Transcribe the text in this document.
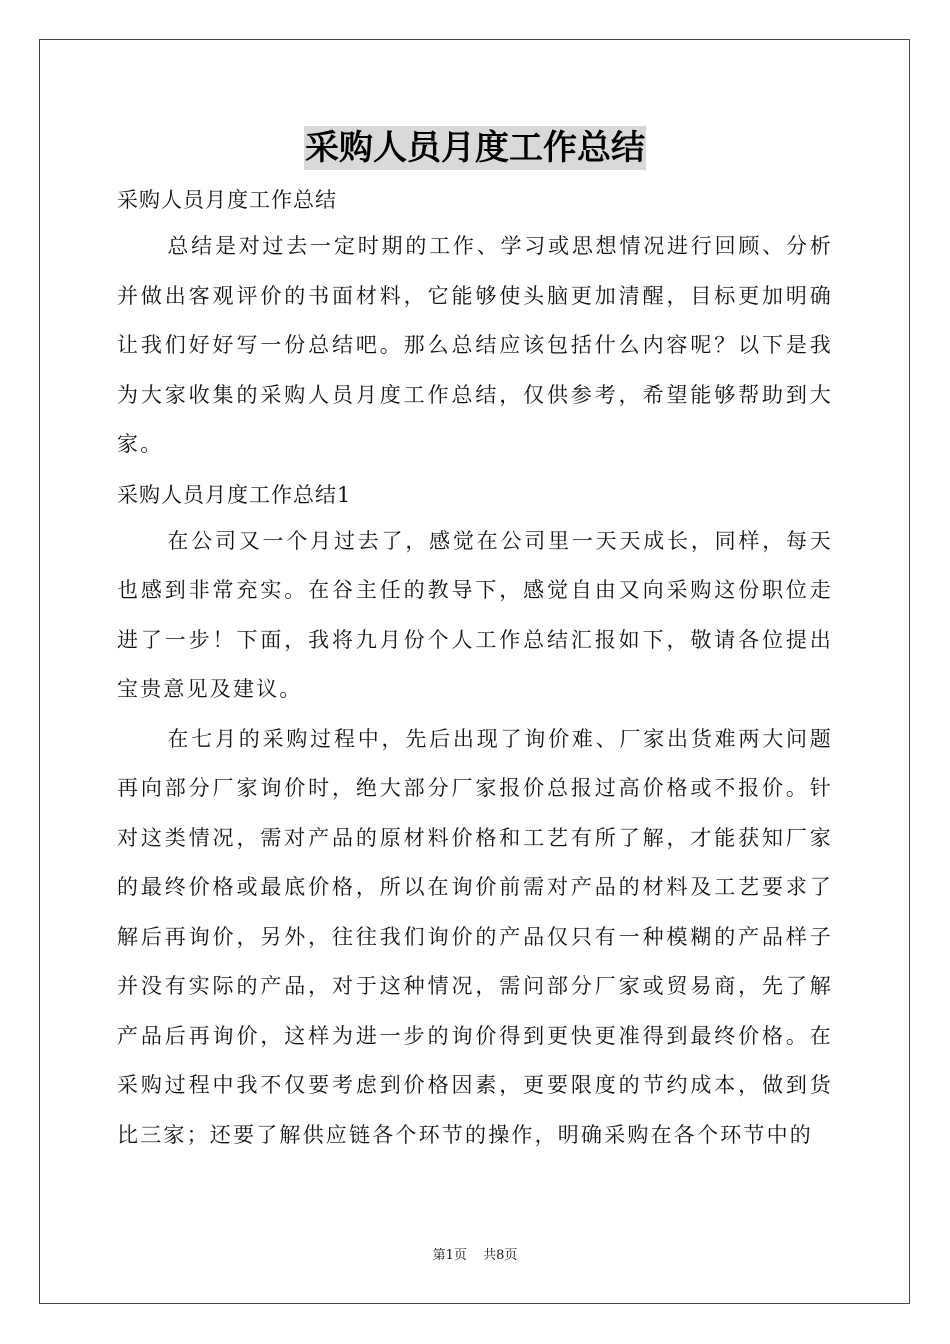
采购人员月度工作总结
采购人员月度工作总结

总结是对过去一定时期的工作、学习或思想情况进行回顾、分析并做出客观评价的书面材料，它能够使头脑更加清醒，目标更加明确让我们好好写一份总结吧。那么总结应该包括什么内容呢？以下是我为大家收集的采购人员月度工作总结，仅供参考，希望能够帮助到大家。

采购人员月度工作总结1

在公司又一个月过去了，感觉在公司里一天天成长，同样，每天也感到非常充实。在谷主任的教导下，感觉自由又向采购这份职位走进了一步！下面，我将九月份个人工作总结汇报如下，敬请各位提出宝贵意见及建议。

在七月的采购过程中，先后出现了询价难、厂家出货难两大问题再向部分厂家询价时，绝大部分厂家报价总报过高价格或不报价。针对这类情况，需对产品的原材料价格和工艺有所了解，才能获知厂家的最终价格或最底价格，所以在询价前需对产品的材料及工艺要求了解后再询价，另外，往往我们询价的产品仅只有一种模糊的产品样子并没有实际的产品，对于这种情况，需问部分厂家或贸易商，先了解产品后再询价，这样为进一步的询价得到更快更准得到最终价格。在采购过程中我不仅要考虑到价格因素，更要限度的节约成本，做到货比三家；还要了解供应链各个环节的操作，明确采购在各个环节中的

第1页 共8页
